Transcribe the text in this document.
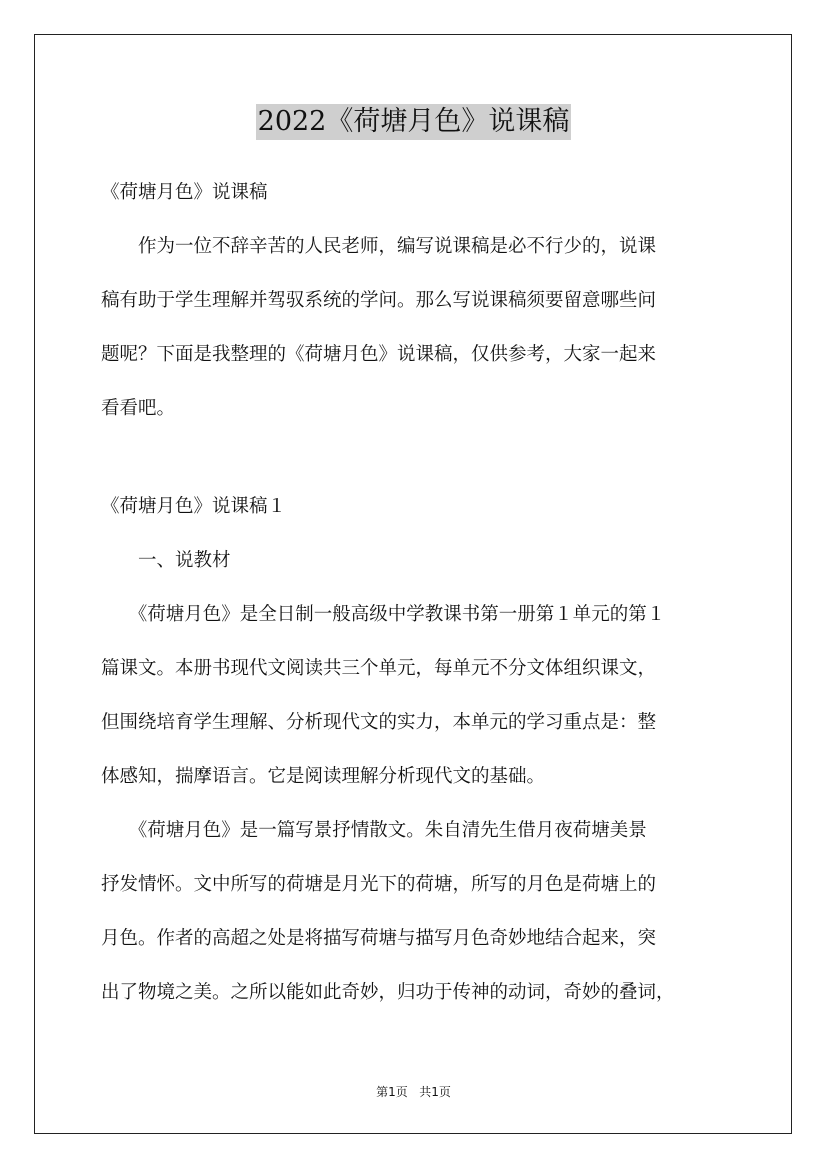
2022《荷塘月色》说课稿
《荷塘月色》说课稿
　　作为一位不辞辛苦的人民老师，编写说课稿是必不行少的，说课
稿有助于学生理解并驾驭系统的学问。那么写说课稿须要留意哪些问
题呢？下面是我整理的《荷塘月色》说课稿，仅供参考，大家一起来
看看吧。
《荷塘月色》说课稿１
　　一、说教材
　　《荷塘月色》是全日制一般高级中学教课书第一册第１单元的第１
篇课文。本册书现代文阅读共三个单元，每单元不分文体组织课文，
但围绕培育学生理解、分析现代文的实力，本单元的学习重点是：整
体感知，揣摩语言。它是阅读理解分析现代文的基础。
　　《荷塘月色》是一篇写景抒情散文。朱自清先生借月夜荷塘美景
抒发情怀。文中所写的荷塘是月光下的荷塘，所写的月色是荷塘上的
月色。作者的高超之处是将描写荷塘与描写月色奇妙地结合起来，突
出了物境之美。之所以能如此奇妙，归功于传神的动词，奇妙的叠词，
第1页 共1页
